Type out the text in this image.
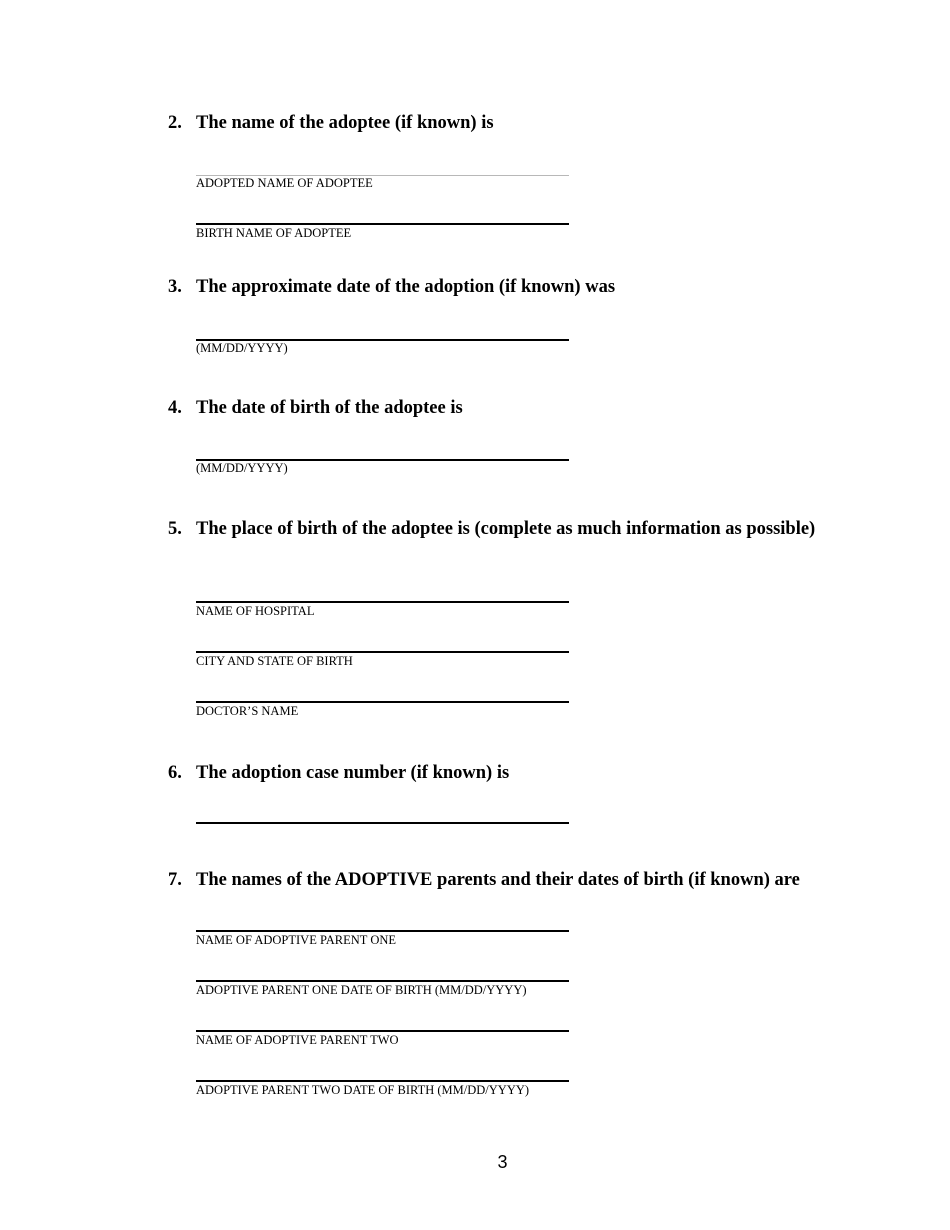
2. The name of the adoptee (if known) is
ADOPTED NAME OF ADOPTEE
BIRTH NAME OF ADOPTEE
3. The approximate date of the adoption (if known) was
(MM/DD/YYYY)
4. The date of birth of the adoptee is
(MM/DD/YYYY)
5. The place of birth of the adoptee is (complete as much information as possible)
NAME OF HOSPITAL
CITY AND STATE OF BIRTH
DOCTOR’S NAME
6. The adoption case number (if known) is
7. The names of the ADOPTIVE parents and their dates of birth (if known) are
NAME OF ADOPTIVE PARENT ONE
ADOPTIVE PARENT ONE DATE OF BIRTH (MM/DD/YYYY)
NAME OF ADOPTIVE PARENT TWO
ADOPTIVE PARENT TWO DATE OF BIRTH (MM/DD/YYYY)
3
